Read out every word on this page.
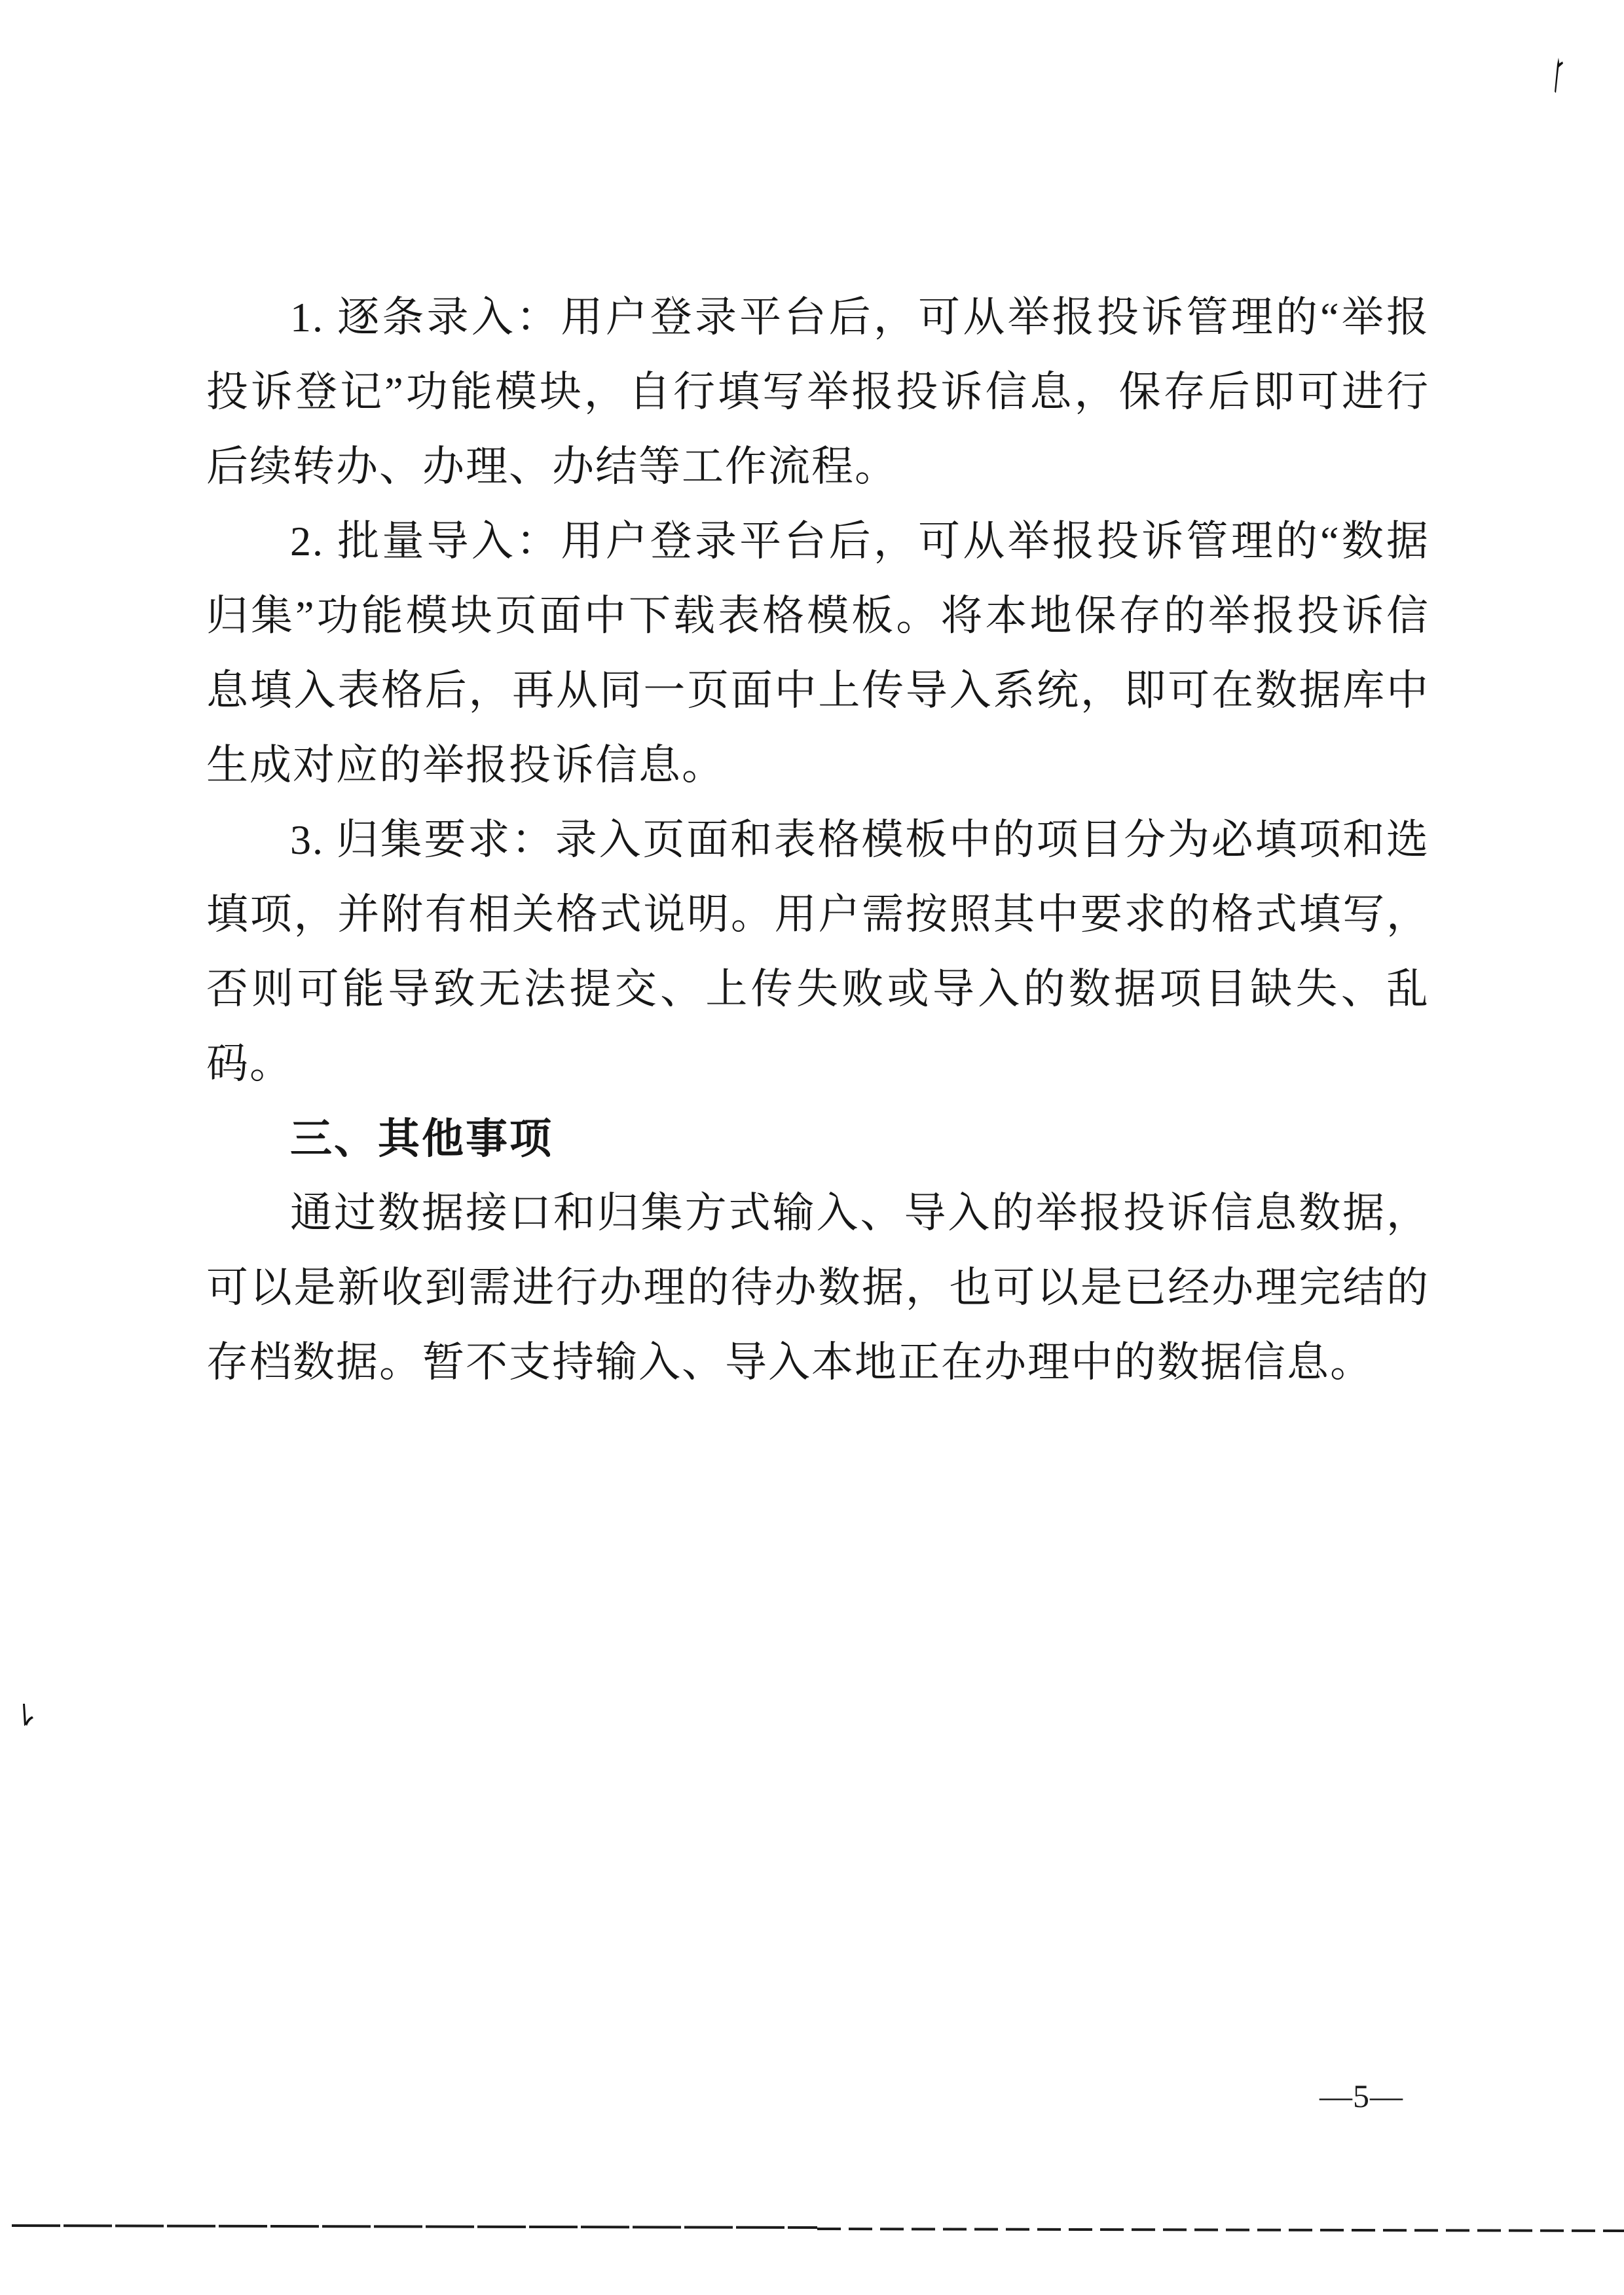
1. 逐条录入：用户登录平台后，可从举报投诉管理的“举报投诉登记”功能模块，自行填写举报投诉信息，保存后即可进行后续转办、办理、办结等工作流程。

2. 批量导入：用户登录平台后，可从举报投诉管理的“数据归集”功能模块页面中下载表格模板。将本地保存的举报投诉信息填入表格后，再从同一页面中上传导入系统，即可在数据库中生成对应的举报投诉信息。

3. 归集要求：录入页面和表格模板中的项目分为必填项和选填项，并附有相关格式说明。用户需按照其中要求的格式填写，否则可能导致无法提交、上传失败或导入的数据项目缺失、乱码。

三、其他事项

通过数据接口和归集方式输入、导入的举报投诉信息数据，可以是新收到需进行办理的待办数据，也可以是已经办理完结的存档数据。暂不支持输入、导入本地正在办理中的数据信息。

—5—
